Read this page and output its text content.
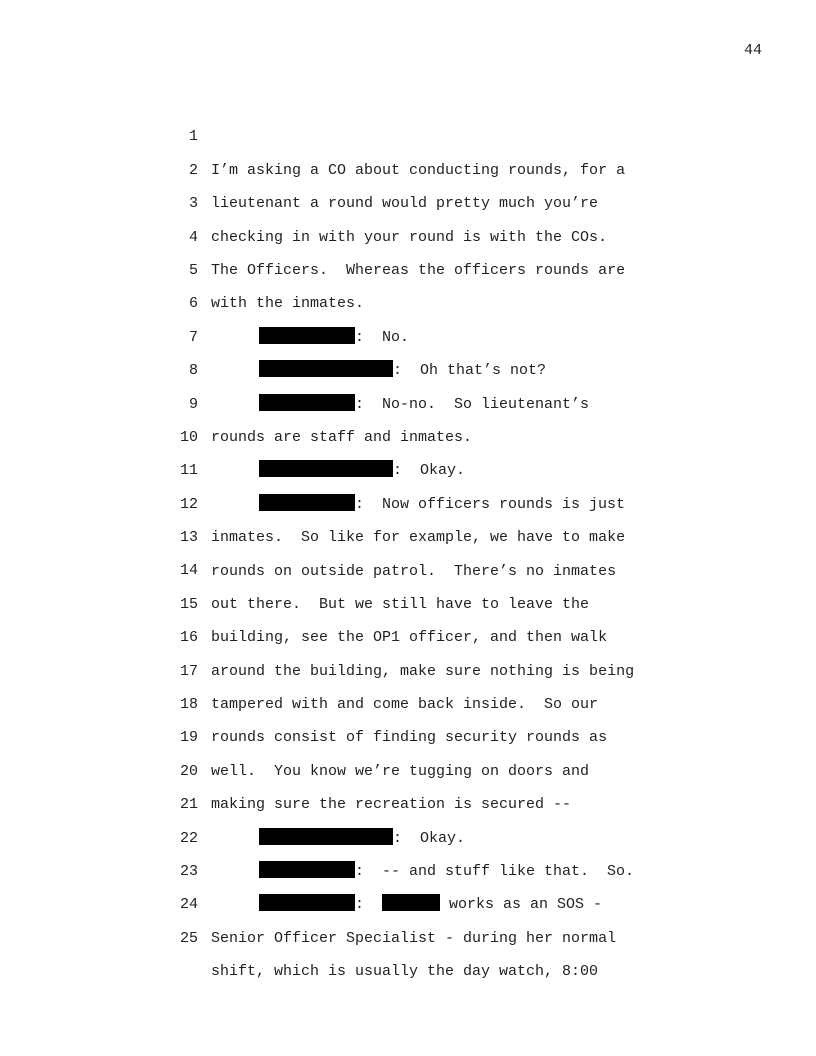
44

1

I’m asking a CO about conducting rounds, for a

2

lieutenant a round would pretty much you’re

3

checking in with your round is with the COs.

4

The Officers.  Whereas the officers rounds are

5

with the inmates.

6

:  No.

7

:  Oh that’s not?

8

:  No-no.  So lieutenant’s

9

rounds are staff and inmates.

10

:  Okay.

11

:  Now officers rounds is just

12

inmates.  So like for example, we have to make

13

rounds on outside patrol.  There’s no inmates

14

out there.  But we still have to leave the

15

building, see the OP1 officer, and then walk

16

around the building, make sure nothing is being

17

tampered with and come back inside.  So our

18

rounds consist of finding security rounds as

19

well.  You know we’re tugging on doors and

20

making sure the recreation is secured --

21

:  Okay.

22

:  -- and stuff like that.  So.

23

:	works as an SOS -

24

Senior Officer Specialist - during her normal

25

shift, which is usually the day watch, 8:00
